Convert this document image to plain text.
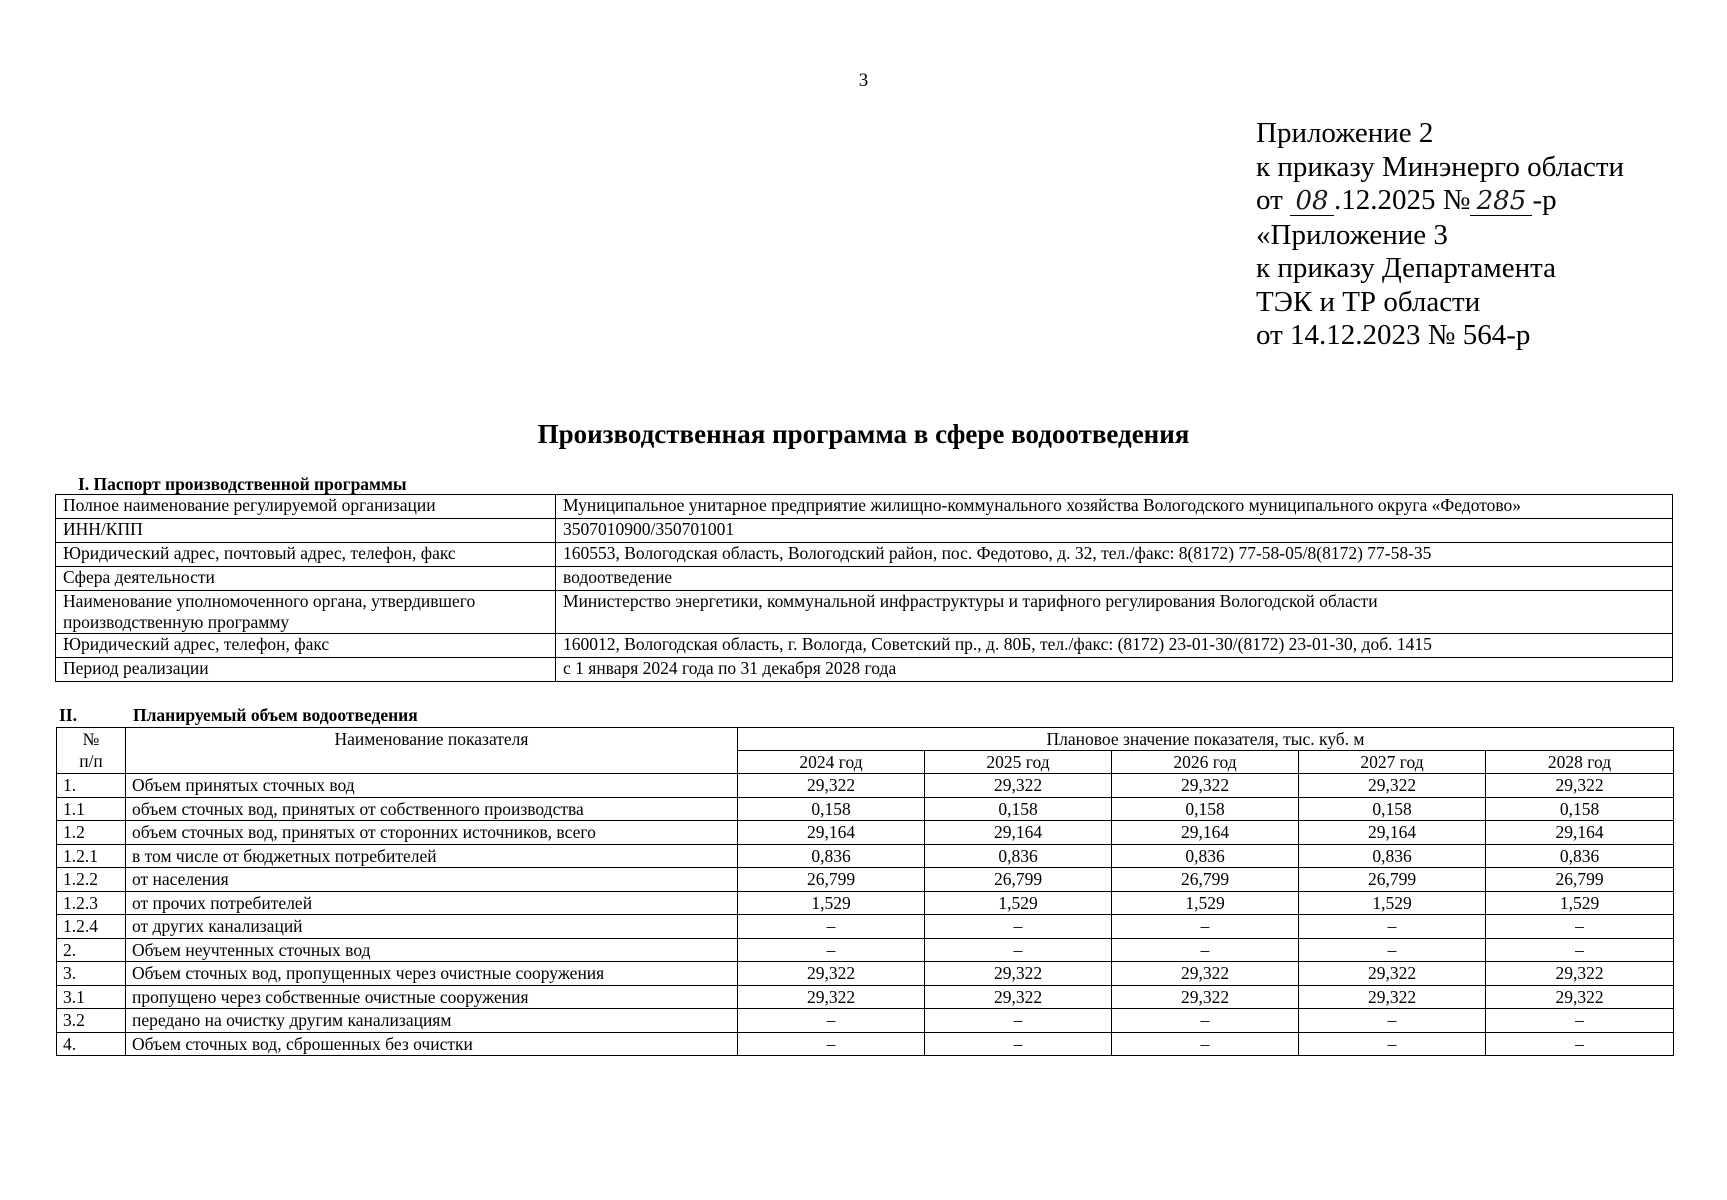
3
Приложение 2
к приказу Минэнерго области
от 08 .12.2025 № 285 -р
«Приложение 3
к приказу Департамента
ТЭК и ТР области
от 14.12.2023 № 564-р
Производственная программа в сфере водоотведения
I. Паспорт производственной программы
Полное наименование регулируемой организации	Муниципальное унитарное предприятие жилищно-коммунального хозяйства Вологодского муниципального округа «Федотово»
ИНН/КПП	3507010900/350701001
Юридический адрес, почтовый адрес, телефон, факс	160553, Вологодская область, Вологодский район, пос. Федотово, д. 32, тел./факс: 8(8172) 77-58-05/8(8172) 77-58-35
Сфера деятельности	водоотведение
Наименование уполномоченного органа, утвердившего производственную программу	Министерство энергетики, коммунальной инфраструктуры и тарифного регулирования Вологодской области
Юридический адрес, телефон, факс	160012, Вологодская область, г. Вологда, Советский пр., д. 80Б, тел./факс: (8172) 23-01-30/(8172) 23-01-30, доб. 1415
Период реализации	с 1 января 2024 года по 31 декабря 2028 года
II.	Планируемый объем водоотведения
№
п/п	Наименование показателя	Плановое значение показателя, тыс. куб. м				
		2024 год	2025 год	2026 год	2027 год	2028 год
1.	Объем принятых сточных вод	29,322	29,322	29,322	29,322	29,322
1.1	объем сточных вод, принятых от собственного производства	0,158	0,158	0,158	0,158	0,158
1.2	объем сточных вод, принятых от сторонних источников, всего	29,164	29,164	29,164	29,164	29,164
1.2.1	в том числе от бюджетных потребителей	0,836	0,836	0,836	0,836	0,836
1.2.2	от населения	26,799	26,799	26,799	26,799	26,799
1.2.3	от прочих потребителей	1,529	1,529	1,529	1,529	1,529
1.2.4	от других канализаций	–	–	–	–	–
2.	Объем неучтенных сточных вод	–	–	–	–	–
3.	Объем сточных вод, пропущенных через очистные сооружения	29,322	29,322	29,322	29,322	29,322
3.1	пропущено через собственные очистные сооружения	29,322	29,322	29,322	29,322	29,322
3.2	передано на очистку другим канализациям	–	–	–	–	–
4.	Объем сточных вод, сброшенных без очистки	–	–	–	–	–
